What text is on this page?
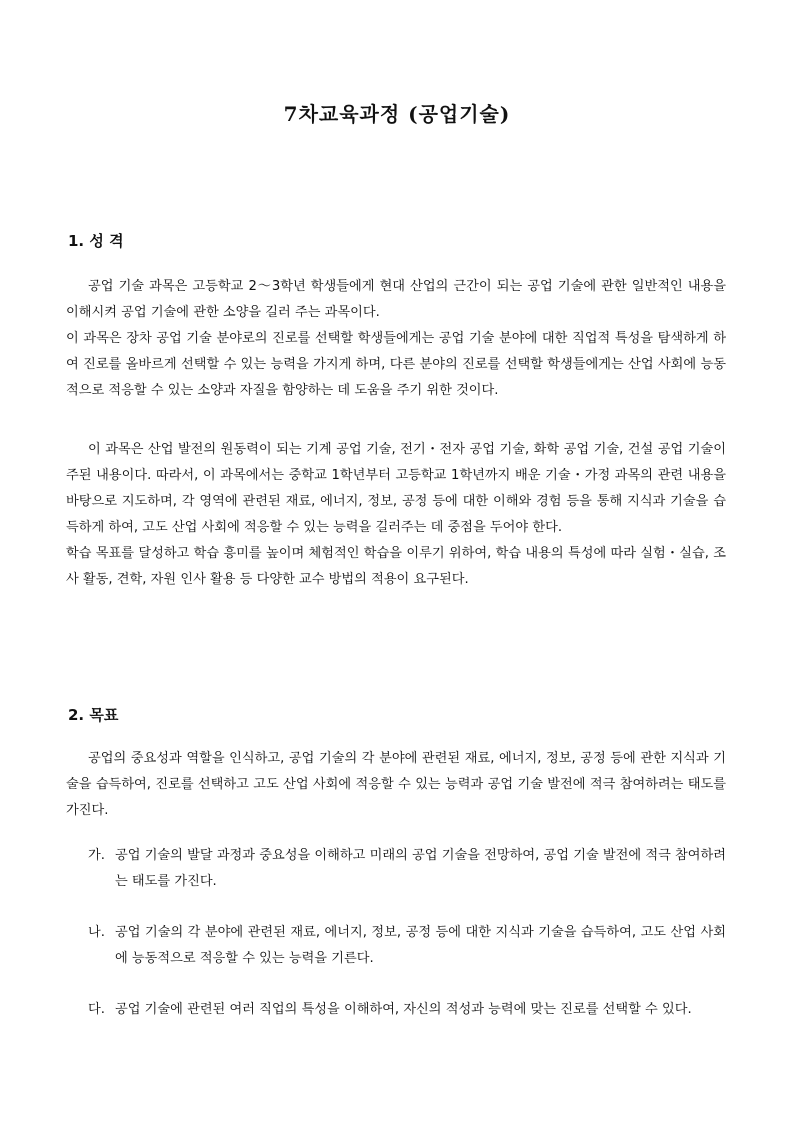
7차교육과정 (공업기술)
1. 성 격
공업 기술 과목은 고등학교 2～3학년 학생들에게 현대 산업의 근간이 되는 공업 기술에 관한 일반적인 내용을 이해시켜 공업 기술에 관한 소양을 길러 주는 과목이다.
이 과목은 장차 공업 기술 분야로의 진로를 선택할 학생들에게는 공업 기술 분야에 대한 직업적 특성을 탐색하게 하여 진로를 올바르게 선택할 수 있는 능력을 가지게 하며, 다른 분야의 진로를 선택할 학생들에게는 산업 사회에 능동적으로 적응할 수 있는 소양과 자질을 함양하는 데 도움을 주기 위한 것이다.
이 과목은 산업 발전의 원동력이 되는 기계 공업 기술, 전기・전자 공업 기술, 화학 공업 기술, 건설 공업 기술이 주된 내용이다. 따라서, 이 과목에서는 중학교 1학년부터 고등학교 1학년까지 배운 기술・가정 과목의 관련 내용을 바탕으로 지도하며, 각 영역에 관련된 재료, 에너지, 정보, 공정 등에 대한 이해와 경험 등을 통해 지식과 기술을 습득하게 하여, 고도 산업 사회에 적응할 수 있는 능력을 길러주는 데 중점을 두어야 한다.
학습 목표를 달성하고 학습 흥미를 높이며 체험적인 학습을 이루기 위하여, 학습 내용의 특성에 따라 실험・실습, 조사 활동, 견학, 자원 인사 활용 등 다양한 교수 방법의 적용이 요구된다.
2. 목표
공업의 중요성과 역할을 인식하고, 공업 기술의 각 분야에 관련된 재료, 에너지, 정보, 공정 등에 관한 지식과 기술을 습득하여, 진로를 선택하고 고도 산업 사회에 적응할 수 있는 능력과 공업 기술 발전에 적극 참여하려는 태도를 가진다.
가. 공업 기술의 발달 과정과 중요성을 이해하고 미래의 공업 기술을 전망하여, 공업 기술 발전에 적극 참여하려는 태도를 가진다.
나. 공업 기술의 각 분야에 관련된 재료, 에너지, 정보, 공정 등에 대한 지식과 기술을 습득하여, 고도 산업 사회에 능동적으로 적응할 수 있는 능력을 기른다.
다. 공업 기술에 관련된 여러 직업의 특성을 이해하여, 자신의 적성과 능력에 맞는 진로를 선택할 수 있다.
